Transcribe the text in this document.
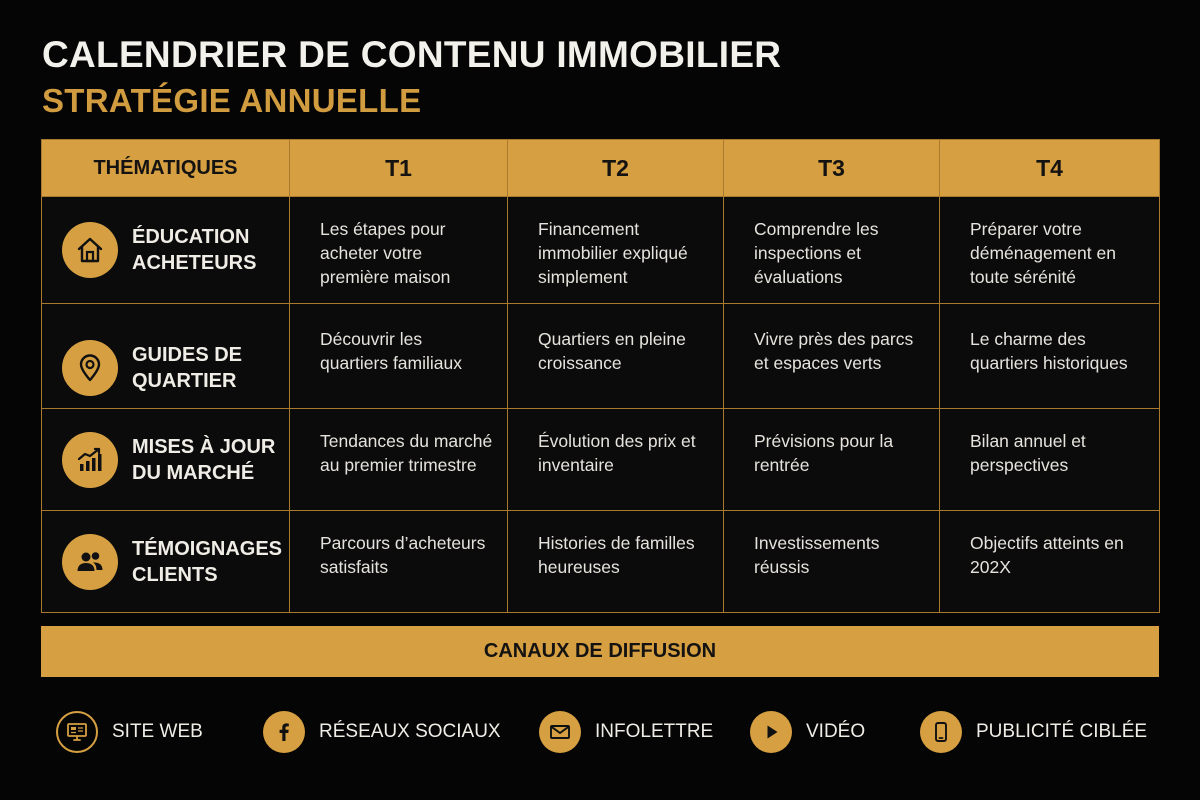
CALENDRIER DE CONTENU IMMOBILIER
STRATÉGIE ANNUELLE
THÉMATIQUES	T1	T2	T3	T4

ÉDUCATION
ACHETEURS	Les étapes pour acheter votre première maison	Financement immobilier expliqué simplement	Comprendre les inspections et évaluations	Préparer votre déménagement en toute sérénité

GUIDES DE
QUARTIER	Découvrir les quartiers familiaux	Quartiers en pleine croissance	Vivre près des parcs et espaces verts	Le charme des quartiers historiques

MISES À JOUR
DU MARCHÉ	Tendances du marché au premier trimestre	Évolution des prix et inventaire	Prévisions pour la rentrée	Bilan annuel et perspectives

TÉMOIGNAGES
CLIENTS	Parcours d’acheteurs satisfaits	Histories de familles heureuses	Investissements réussis	Objectifs atteints en 202X
CANAUX DE DIFFUSION
SITE WEB	RÉSEAUX SOCIAUX	INFOLETTRE	VIDÉO	PUBLICITÉ CIBLÉE
